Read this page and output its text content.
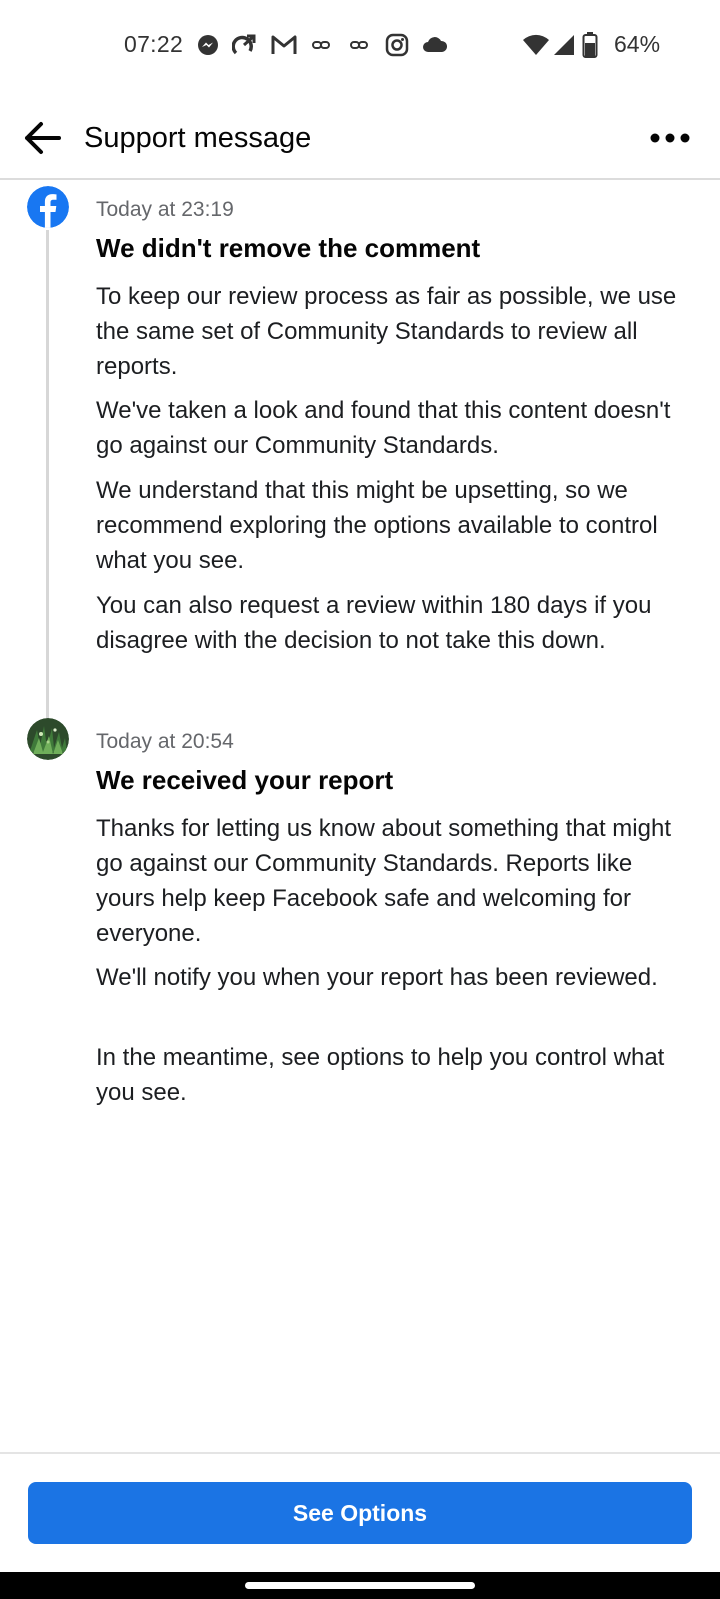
07:22	64%
Support message
Today at 23:19
We didn't remove the comment

To keep our review process as fair as possible, we use the same set of Community Standards to review all reports.

We've taken a look and found that this content doesn't go against our Community Standards.

We understand that this might be upsetting, so we recommend exploring the options available to control what you see.

You can also request a review within 180 days if you disagree with the decision to not take this down.

Today at 20:54
We received your report

Thanks for letting us know about something that might go against our Community Standards. Reports like yours help keep Facebook safe and welcoming for everyone.

We'll notify you when your report has been reviewed.

In the meantime, see options to help you control what you see.

See Options
